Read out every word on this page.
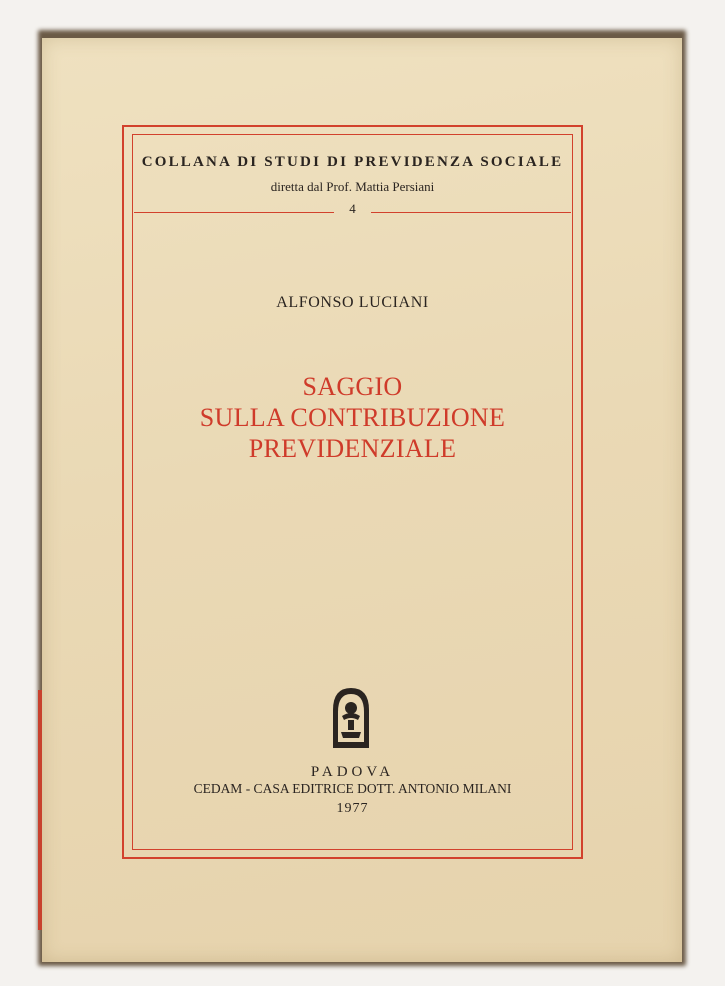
COLLANA DI STUDI DI PREVIDENZA SOCIALE
diretta dal Prof. Mattia Persiani
4
ALFONSO LUCIANI
SAGGIO
SULLA CONTRIBUZIONE
PREVIDENZIALE
PADOVA
CEDAM - CASA EDITRICE DOTT. ANTONIO MILANI
1977
